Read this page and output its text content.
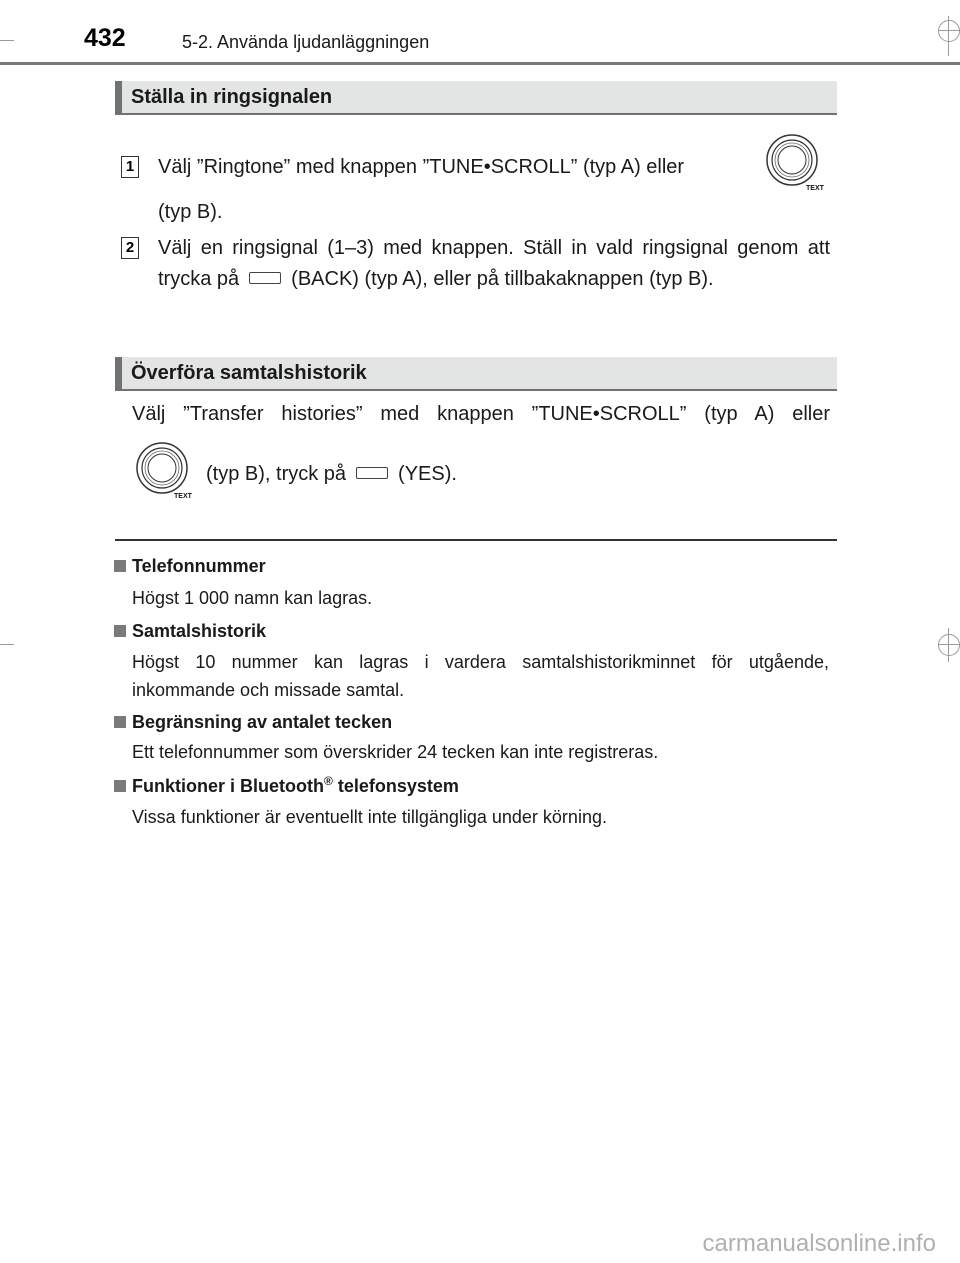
432	5-2. Använda ljudanläggningen
Ställa in ringsignalen
1 Välj ”Ringtone” med knappen ”TUNE•SCROLL” (typ A) eller
TEXT
(typ B).
2 Välj en ringsignal (1–3) med knappen. Ställ in vald ringsignal genom att trycka på	(BACK) (typ A), eller på tillbakaknappen (typ B).
Överföra samtalshistorik
Välj ”Transfer histories” med knappen ”TUNE•SCROLL” (typ A) eller
TEXT
(typ B), tryck på	(YES).
Telefonnummer
Högst 1 000 namn kan lagras.
Samtalshistorik
Högst 10 nummer kan lagras i vardera samtalshistorikminnet för utgående, inkommande och missade samtal.
Begränsning av antalet tecken
Ett telefonnummer som överskrider 24 tecken kan inte registreras.
Funktioner i Bluetooth® telefonsystem
Vissa funktioner är eventuellt inte tillgängliga under körning.
carmanualsonline.info
